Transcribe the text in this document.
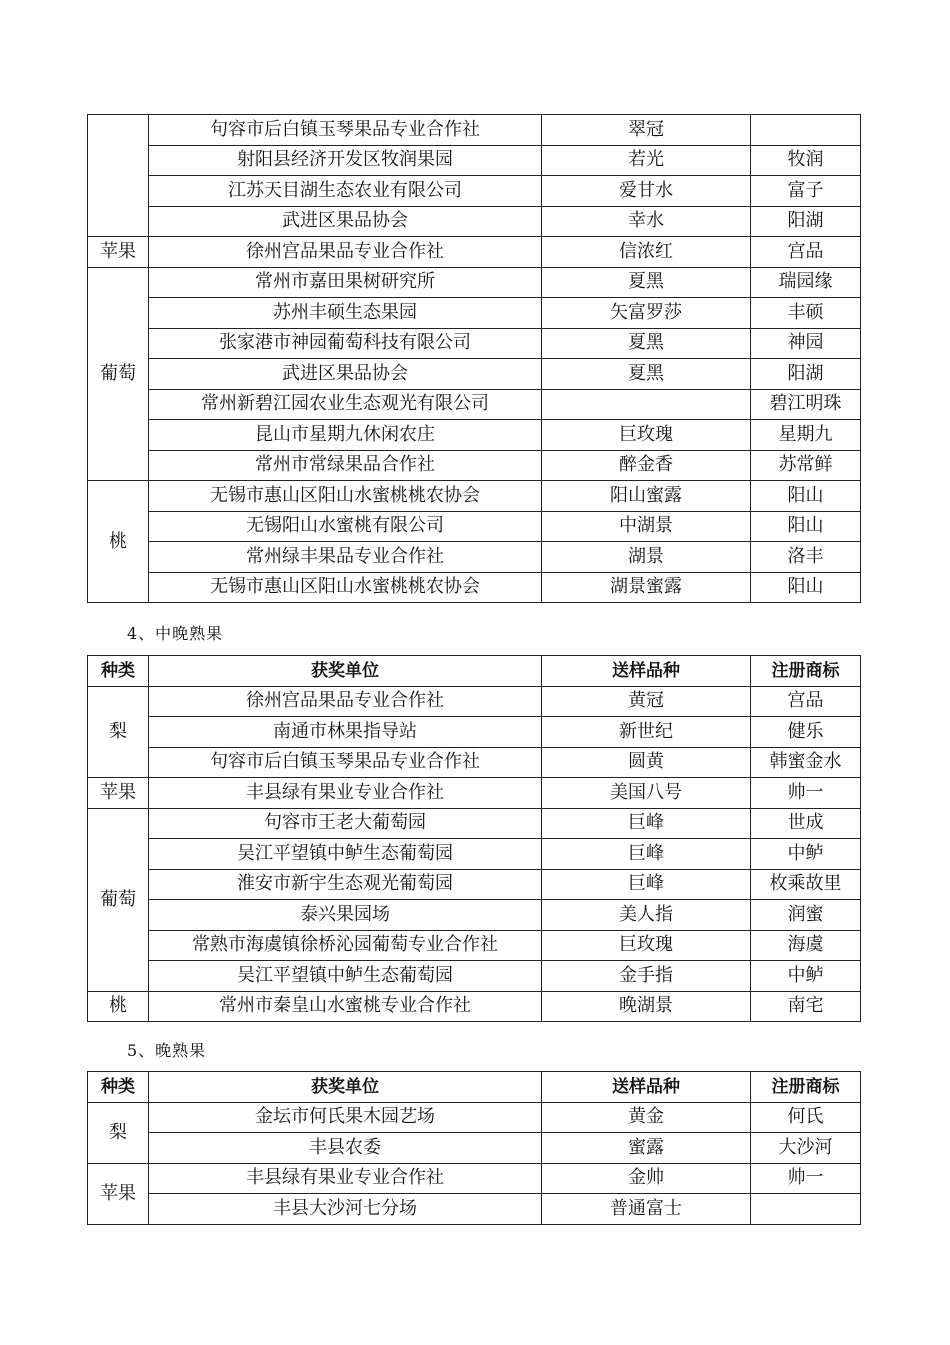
	句容市后白镇玉琴果品专业合作社	翠冠	
	射阳县经济开发区牧润果园	若光	牧润
	江苏天目湖生态农业有限公司	爱甘水	富子
	武进区果品协会	幸水	阳湖
苹果	徐州宫品果品专业合作社	信浓红	宫品
葡萄	常州市嘉田果树研究所	夏黑	瑞园缘
	苏州丰硕生态果园	矢富罗莎	丰硕
	张家港市神园葡萄科技有限公司	夏黑	神园
	武进区果品协会	夏黑	阳湖
	常州新碧江园农业生态观光有限公司		碧江明珠
	昆山市星期九休闲农庄	巨玫瑰	星期九
	常州市常绿果品合作社	醉金香	苏常鲜
桃	无锡市惠山区阳山水蜜桃桃农协会	阳山蜜露	阳山
	无锡阳山水蜜桃有限公司	中湖景	阳山
	常州绿丰果品专业合作社	湖景	洛丰
	无锡市惠山区阳山水蜜桃桃农协会	湖景蜜露	阳山
4、中晚熟果
种类	获奖单位	送样品种	注册商标
梨	徐州宫品果品专业合作社	黄冠	宫品
	南通市林果指导站	新世纪	健乐
	句容市后白镇玉琴果品专业合作社	圆黄	韩蜜金水
苹果	丰县绿有果业专业合作社	美国八号	帅一
葡萄	句容市王老大葡萄园	巨峰	世成
	吴江平望镇中鲈生态葡萄园	巨峰	中鲈
	淮安市新宇生态观光葡萄园	巨峰	枚乘故里
	泰兴果园场	美人指	润蜜
	常熟市海虞镇徐桥沁园葡萄专业合作社	巨玫瑰	海虞
	吴江平望镇中鲈生态葡萄园	金手指	中鲈
桃	常州市秦皇山水蜜桃专业合作社	晚湖景	南宅
5、晚熟果
种类	获奖单位	送样品种	注册商标
梨	金坛市何氏果木园艺场	黄金	何氏
	丰县农委	蜜露	大沙河
苹果	丰县绿有果业专业合作社	金帅	帅一
	丰县大沙河七分场	普通富士	
